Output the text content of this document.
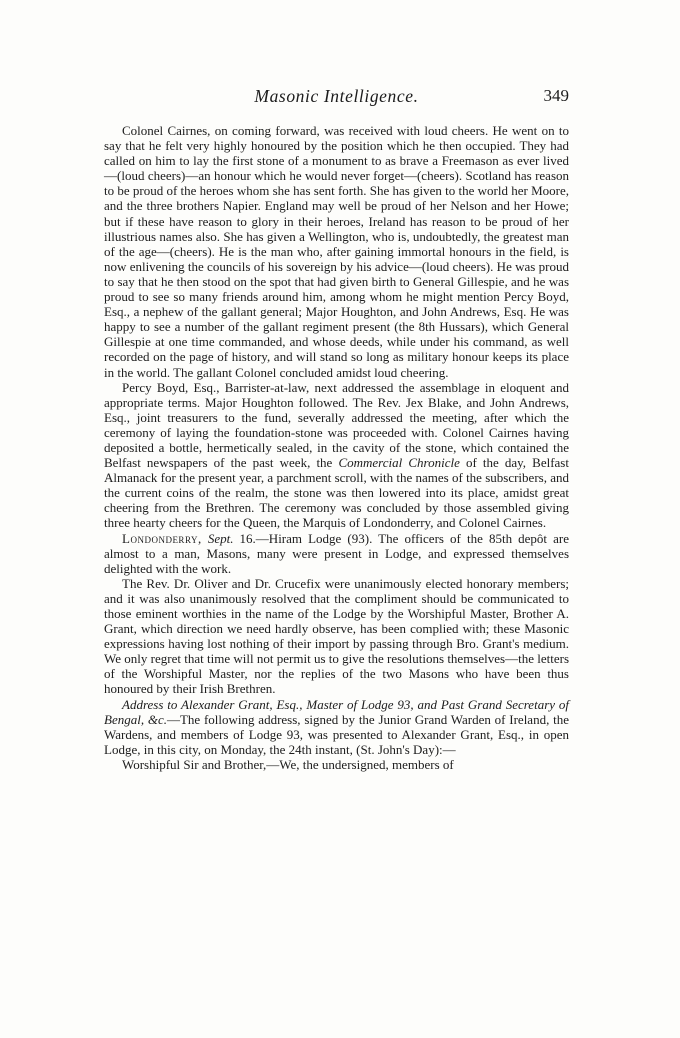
Masonic Intelligence.	349

Colonel Cairnes, on coming forward, was received with loud cheers. He went on to say that he felt very highly honoured by the position which he then occupied. They had called on him to lay the first stone of a monument to as brave a Freemason as ever lived—(loud cheers)—an honour which he would never forget—(cheers). Scotland has reason to be proud of the heroes whom she has sent forth. She has given to the world her Moore, and the three brothers Napier. England may well be proud of her Nelson and her Howe; but if these have reason to glory in their heroes, Ireland has reason to be proud of her illustrious names also. She has given a Wellington, who is, undoubtedly, the greatest man of the age—(cheers). He is the man who, after gaining immortal honours in the field, is now enlivening the councils of his sovereign by his advice—(loud cheers). He was proud to say that he then stood on the spot that had given birth to General Gillespie, and he was proud to see so many friends around him, among whom he might mention Percy Boyd, Esq., a nephew of the gallant general; Major Houghton, and John Andrews, Esq. He was happy to see a number of the gallant regiment present (the 8th Hussars), which General Gillespie at one time commanded, and whose deeds, while under his command, as well recorded on the page of history, and will stand so long as military honour keeps its place in the world. The gallant Colonel concluded amidst loud cheering.

Percy Boyd, Esq., Barrister-at-law, next addressed the assemblage in eloquent and appropriate terms. Major Houghton followed. The Rev. Jex Blake, and John Andrews, Esq., joint treasurers to the fund, severally addressed the meeting, after which the ceremony of laying the foundation-stone was proceeded with. Colonel Cairnes having deposited a bottle, hermetically sealed, in the cavity of the stone, which contained the Belfast newspapers of the past week, the Commercial Chronicle of the day, Belfast Almanack for the present year, a parchment scroll, with the names of the subscribers, and the current coins of the realm, the stone was then lowered into its place, amidst great cheering from the Brethren. The ceremony was concluded by those assembled giving three hearty cheers for the Queen, the Marquis of Londonderry, and Colonel Cairnes.

Londonderry, Sept. 16.—Hiram Lodge (93). The officers of the 85th depôt are almost to a man, Masons, many were present in Lodge, and expressed themselves delighted with the work.

The Rev. Dr. Oliver and Dr. Crucefix were unanimously elected honorary members; and it was also unanimously resolved that the compliment should be communicated to those eminent worthies in the name of the Lodge by the Worshipful Master, Brother A. Grant, which direction we need hardly observe, has been complied with; these Masonic expressions having lost nothing of their import by passing through Bro. Grant's medium. We only regret that time will not permit us to give the resolutions themselves—the letters of the Worshipful Master, nor the replies of the two Masons who have been thus honoured by their Irish Brethren.

Address to Alexander Grant, Esq., Master of Lodge 93, and Past Grand Secretary of Bengal, &c.—The following address, signed by the Junior Grand Warden of Ireland, the Wardens, and members of Lodge 93, was presented to Alexander Grant, Esq., in open Lodge, in this city, on Monday, the 24th instant, (St. John's Day):—

Worshipful Sir and Brother,—We, the undersigned, members of
